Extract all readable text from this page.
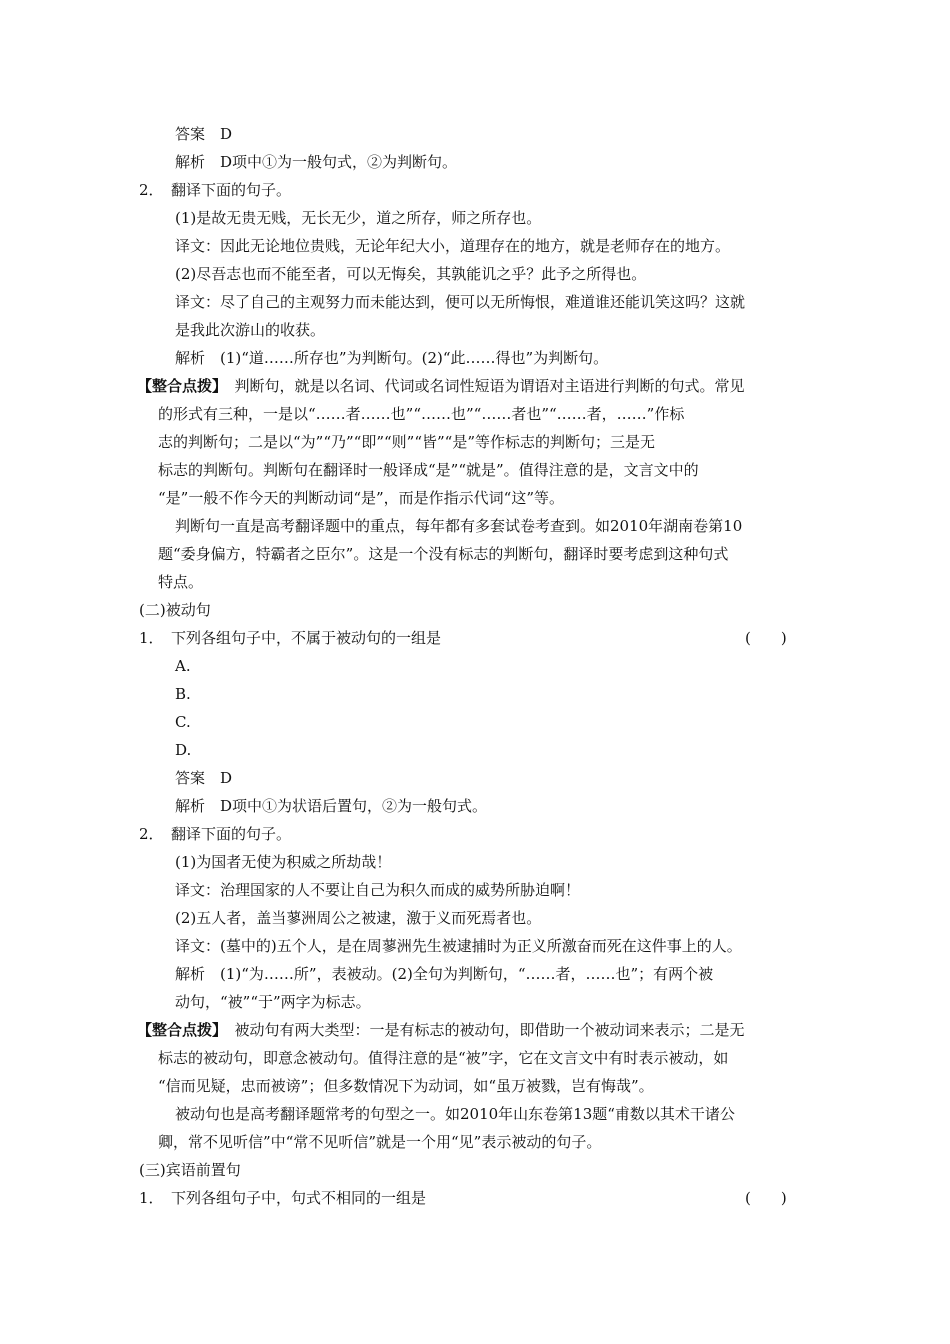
答案　D
解析　D项中①为一般句式，②为判断句。
2．　翻译下面的句子。
(1)是故无贵无贱，无长无少，道之所存，师之所存也。
译文：因此无论地位贵贱，无论年纪大小，道理存在的地方，就是老师存在的地方。
(2)尽吾志也而不能至者，可以无悔矣，其孰能讥之乎？此予之所得也。
译文：尽了自己的主观努力而未能达到，便可以无所悔恨，难道谁还能讥笑这吗？这就
是我此次游山的收获。
解析　(1)“道……所存也”为判断句。(2)“此……得也”为判断句。
【整合点拨】　判断句，就是以名词、代词或名词性短语为谓语对主语进行判断的句式。常见
的形式有三种，一是以“……者……也”“……也”“……者也”“……者，……”作标
志的判断句；二是以“为”“乃”“即”“则”“皆”“是”等作标志的判断句；三是无
标志的判断句。判断句在翻译时一般译成“是”“就是”。值得注意的是，文言文中的
“是”一般不作今天的判断动词“是”，而是作指示代词“这”等。
判断句一直是高考翻译题中的重点，每年都有多套试卷考查到。如2010年湖南卷第10
题“委身偏方，特霸者之臣尔”。这是一个没有标志的判断句，翻译时要考虑到这种句式
特点。
(二)被动句
1．　下列各组句子中，不属于被动句的一组是	(　　)
A.
B.
C.
D.
答案　D
解析　D项中①为状语后置句，②为一般句式。
2．　翻译下面的句子。
(1)为国者无使为积威之所劫哉！
译文：治理国家的人不要让自己为积久而成的威势所胁迫啊！
(2)五人者，盖当蓼洲周公之被逮，激于义而死焉者也。
译文：(墓中的)五个人，是在周蓼洲先生被逮捕时为正义所激奋而死在这件事上的人。
解析　(1)“为……所”，表被动。(2)全句为判断句，“……者，……也”；有两个被
动句，“被”“于”两字为标志。
【整合点拨】　被动句有两大类型：一是有标志的被动句，即借助一个被动词来表示；二是无
标志的被动句，即意念被动句。值得注意的是“被”字，它在文言文中有时表示被动，如
“信而见疑，忠而被谤”；但多数情况下为动词，如“虽万被戮，岂有悔哉”。
被动句也是高考翻译题常考的句型之一。如2010年山东卷第13题“甫数以其术干诸公
卿，常不见听信”中“常不见听信”就是一个用“见”表示被动的句子。
(三)宾语前置句
1．　下列各组句子中，句式不相同的一组是	(　　)
